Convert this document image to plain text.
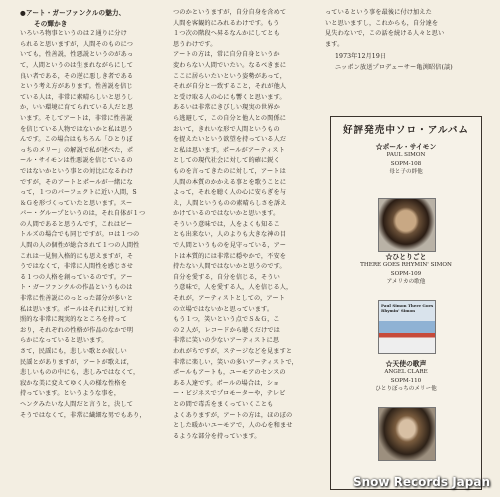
●アート・ガーファンクルの魅力、
その輝かき
いろいろ物事というのは２通りに分け
られると思いますが，人間そのものにつ
いても，性善説，性悪説というのがあっ
て，人間というのは生まれながらにして
良い者である，その逆に悪しき者である
という考え方があります。性善説を信じ
ている人は，非常に素晴らしいと思うし
か，いい環境に育てられている人だと思
います。そしてアートは，非常に性善説
を信じている人物ではないかと私は思う
んです。この場合はもちろん「ひとりぼ
っちのメリー」の解説で私が述べた，ポ
ール・サイモンは性悪説を信じているの
ではないかという事との対比になるわけ
ですが，そのアートとポールが一緒にな
って，１つのパーフェクトに近い人間，S
＆Ｇを形づくっていたと思います。スー
パー・グループというのは，それ自体が１つ
の人間であると思うんです，これはビー
トルズの場合でも同じですが。ロは１つの
人間の人の個性が総合されて１つの人間性
これは一見無入格的にも思えますが，そ
うではなくて，非常に人間性を感じさせ
る１つの人格を創っているのです。アー
ト・ガーファンクルの作品というものは
非常に性善説にのっとった部分が多いと
私は思います。ポールはそれに対して対
照的な非常に現実的なところを持って
おり，それぞれの性格が作品のなかで明
らかになっていると思います。
さて，民謡にも，悲しい歌とか寂しい
民謡とがありますが，アートが歌えば，
悲しいものの中にも，悲しみではなくて，
寂かな美に変えてゆく人の様な性格を
持っています。というような事を，
ヘンクみたいな人間だと言うと，決して
そうではなくて，非常に繊細な男でもあり，
つのかというますが，自分自身を含めて
人間を客観的にみれるわけです。もう
１つ次の階段へ昇るなんかにしてとも
思うわけです。
アートの方は，常に自分自身というか
変わらない人間でいたい。なるべきまに
ここに居らいたいという姿勢があって，
それが自分と一致すること，それが他人
と受け取る人の心にも響くと思います。
あるいは非常にきびしい現実の世界か
ら逃避して，この自分と他人との関係に
おいて，きれいな形で人間というもの
を捉えたいという欲望を持っている人だ
と私は思います。ポールがアーティスト
としての現代社会に対して的確に鋭く
ものを言ってきたのに対して，アートは
人間の本質のかかえる事とを歌うことに
よって，それを聴く人の心に安らぎを与
え，人間というものの素晴らしさを訴え
かけているのではないかと思います。
そういう意味では，人をよくも知るこ
とも出来ない，人のよりも大きな神の目
で人間というものを見守っている，アー
トは本質的には非常に穏やかで，不安を
持たない人間ではないかと思うのです。
自分を愛する，自分を信じる，そうい
う意味で，人を愛する人，人を信じる人，
それが，アーティストとしての，アート
の立場ではないかと思っています。
もう１つ，笑いという点でＳ＆Ｇ，こ
の２人が，レコードから聴くだけでは
非常に笑いの少ないアーティストに思
われがちですが，ステージなどを見ますと
非常に楽しい，笑いの多いアーティストで，
ポールもアートも，ユーモアのセンスの
ある人達です。ポールの場合は，ショ
ー・ビジネスでプロモーターや，テレビ
との間で毒舌をまくっていくことも
よくありますが，アートの方は，ほのぼの
とした暖かいユーモアで，人の心を和ませ
るような部分を持っています。
っているという事を最後に付け加えた
いと思いますし，これからも，自分達を
見失わないで，この話を続ける人々と思い
ます。
1973年12月19日
ニッポン放送プロデューサー亀渕昭信(談)
好評発売中ソロ・アルバム
☆ポール・サイモン
PAUL SIMON
SOPM-108
母と子の絆他
☆ひとりごと
THERE GOES RHYMIN' SIMON
SOPM-109
アメリカの歌他
Paul Simon There Goes Rhymin' Simon
☆天使の歌声
ANGEL CLARE
SOPM-110
ひとりぼっちのメリー他
Snow Records Japan
